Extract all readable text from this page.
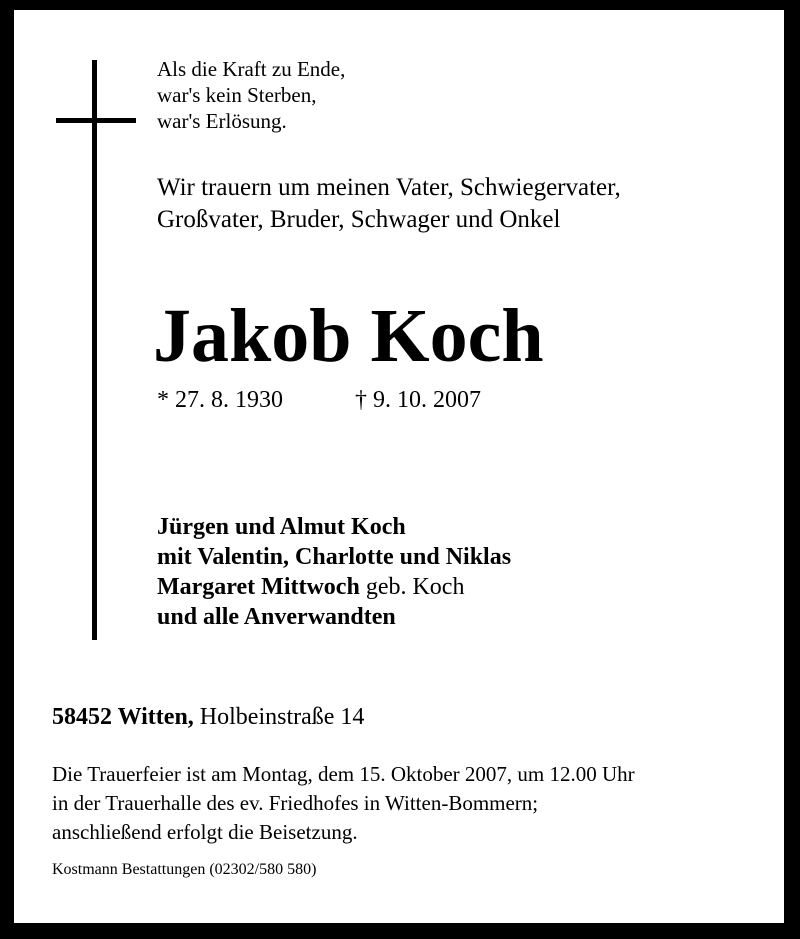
Als die Kraft zu Ende,
war's kein Sterben,
war's Erlösung.
Wir trauern um meinen Vater, Schwiegervater,
Großvater, Bruder, Schwager und Onkel
Jakob Koch
* 27. 8. 1930	† 9. 10. 2007
Jürgen und Almut Koch
mit Valentin, Charlotte und Niklas
Margaret Mittwoch geb. Koch
und alle Anverwandten
58452 Witten, Holbeinstraße 14
Die Trauerfeier ist am Montag, dem 15. Oktober 2007, um 12.00 Uhr
in der Trauerhalle des ev. Friedhofes in Witten-Bommern;
anschließend erfolgt die Beisetzung.
Kostmann Bestattungen (02302/580 580)
